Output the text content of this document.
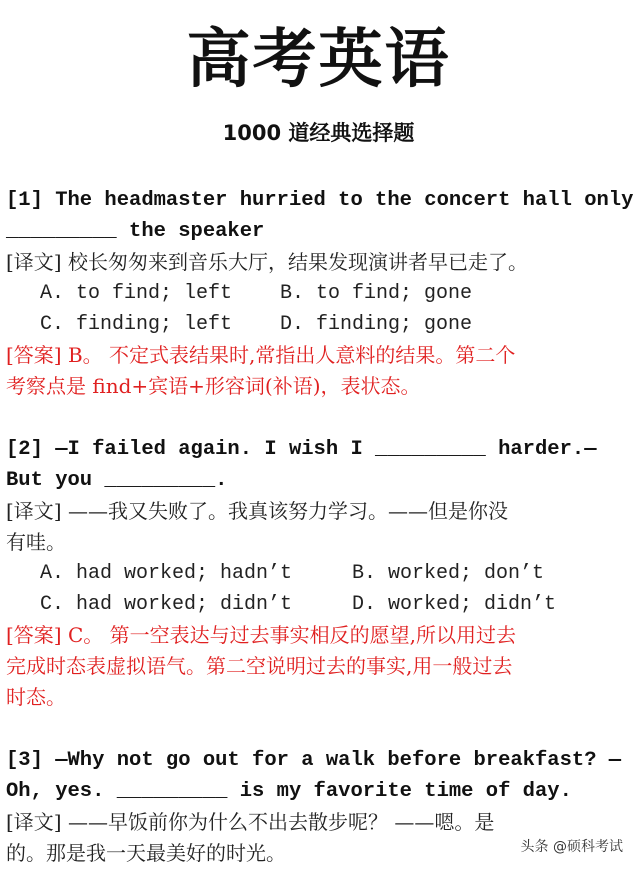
高考英语
1000 道经典选择题
[1] The headmaster hurried to the concert hall only
_________ the speaker
[译文] 校长匆匆来到音乐大厅，结果发现演讲者早已走了。
A. to find; left B. to find; gone
C. finding; left D. finding; gone
[答案] B。 不定式表结果时,常指出人意料的结果。第二个
考察点是 find+宾语+形容词(补语)，表状态。
[2] —I failed again. I wish I _________ harder.—
But you _________.
[译文] ——我又失败了。我真该努力学习。——但是你没
有哇。
A. had worked; hadn’t	B. worked; don’t
C. had worked; didn’t	D. worked; didn’t
[答案] C。 第一空表达与过去事实相反的愿望,所以用过去
完成时态表虚拟语气。第二空说明过去的事实,用一般过去
时态。
[3] —Why not go out for a walk before breakfast? —
Oh, yes. _________ is my favorite time of day.
[译文] ——早饭前你为什么不出去散步呢？ ——嗯。是
的。那是我一天最美好的时光。	头条 @硕科考试
